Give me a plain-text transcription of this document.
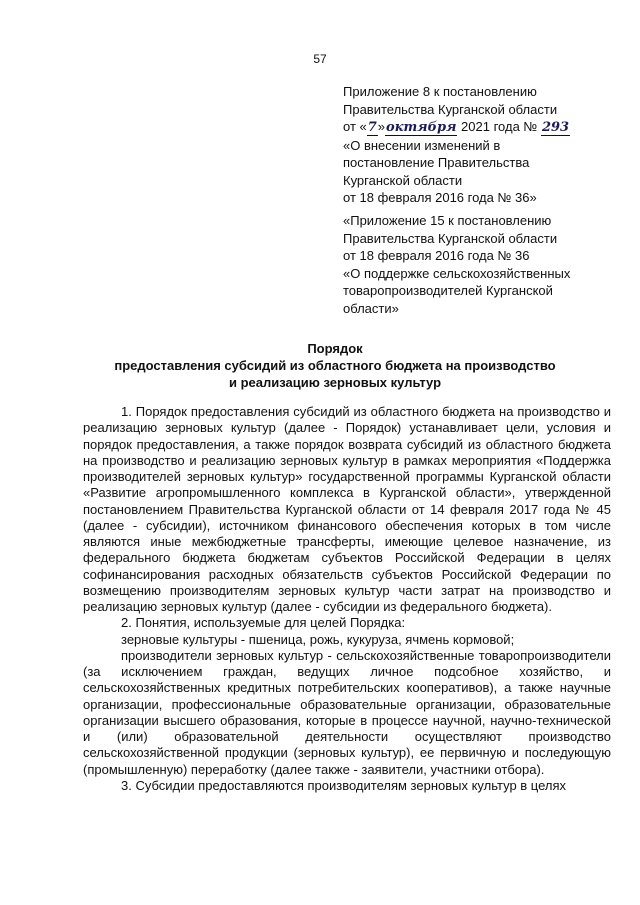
57
Приложение 8 к постановлению
Правительства Курганской области
от «7»октября 2021 года № 293
«О внесении изменений в
постановление Правительства
Курганской области
от 18 февраля 2016 года № 36»
«Приложение 15 к постановлению
Правительства Курганской области
от 18 февраля 2016 года № 36
«О поддержке сельскохозяйственных
товаропроизводителей Курганской
области»
Порядок
предоставления субсидий из областного бюджета на производство
и реализацию зерновых культур

1. Порядок предоставления субсидий из областного бюджета на производство и реализацию зерновых культур (далее - Порядок) устанавливает цели, условия и порядок предоставления, а также порядок возврата субсидий из областного бюджета на производство и реализацию зерновых культур в рамках мероприятия «Поддержка производителей зерновых культур» государственной программы Курганской области «Развитие агропромышленного комплекса в Курганской области», утвержденной постановлением Правительства Курганской области от 14 февраля 2017 года № 45 (далее - субсидии), источником финансового обеспечения которых в том числе являются иные межбюджетные трансферты, имеющие целевое назначение, из федерального бюджета бюджетам субъектов Российской Федерации в целях софинансирования расходных обязательств субъектов Российской Федерации по возмещению производителям зерновых культур части затрат на производство и реализацию зерновых культур (далее - субсидии из федерального бюджета).

2. Понятия, используемые для целей Порядка:

зерновые культуры - пшеница, рожь, кукуруза, ячмень кормовой;

производители зерновых культур - сельскохозяйственные товаропроизводители (за исключением граждан, ведущих личное подсобное хозяйство, и сельскохозяйственных кредитных потребительских кооперативов), а также научные организации, профессиональные образовательные организации, образовательные организации высшего образования, которые в процессе научной, научно-технической и (или) образовательной деятельности осуществляют производство сельскохозяйственной продукции (зерновых культур), ее первичную и последующую (промышленную) переработку (далее также - заявители, участники отбора).

3. Субсидии предоставляются производителям зерновых культур в целях
